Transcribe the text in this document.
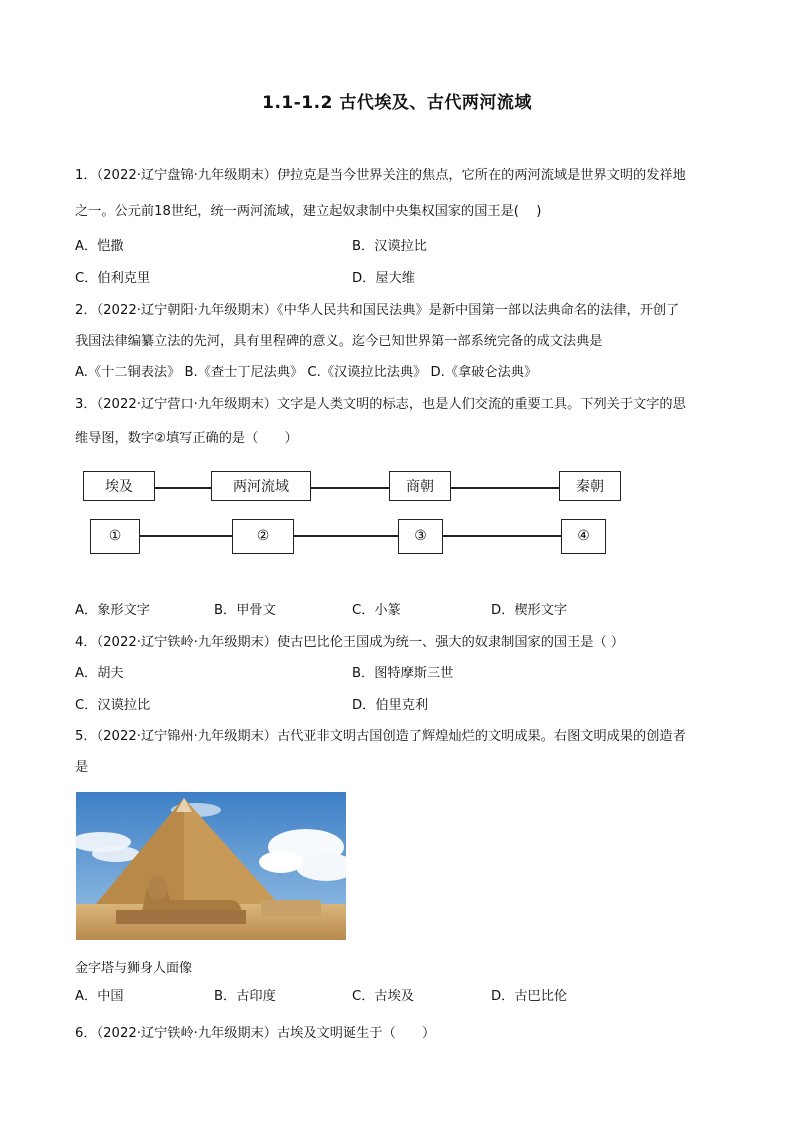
1.1-1.2 古代埃及、古代两河流域
1．（2022·辽宁盘锦·九年级期末）伊拉克是当今世界关注的焦点，它所在的两河流域是世界文明的发祥地
之一。公元前18世纪，统一两河流域，建立起奴隶制中央集权国家的国王是(　 )
A．恺撒	B．汉谟拉比
C．伯利克里	D．屋大维
2．（2022·辽宁朝阳·九年级期末）《中华人民共和国民法典》是新中国第一部以法典命名的法律，开创了
我国法律编纂立法的先河，具有里程碑的意义。迄今已知世界第一部系统完备的成文法典是
A.《十二铜表法》 B.《查士丁尼法典》 C.《汉谟拉比法典》 D.《拿破仑法典》
3．（2022·辽宁营口·九年级期末）文字是人类文明的标志，也是人们交流的重要工具。下列关于文字的思
维导图，数字②填写正确的是（　　）
埃及	两河流域	商朝	秦朝
①	②	③	④
A．象形文字	B．甲骨文	C．小篆	D．楔形文字
4．（2022·辽宁铁岭·九年级期末）使古巴比伦王国成为统一、强大的奴隶制国家的国王是（ ）
A．胡夫	B．图特摩斯三世
C．汉谟拉比	D．伯里克利
5．（2022·辽宁锦州·九年级期末）古代亚非文明古国创造了辉煌灿烂的文明成果。右图文明成果的创造者
是
金字塔与狮身人面像
A．中国	B．古印度	C．古埃及	D．古巴比伦
6．（2022·辽宁铁岭·九年级期末）古埃及文明诞生于（　　）
